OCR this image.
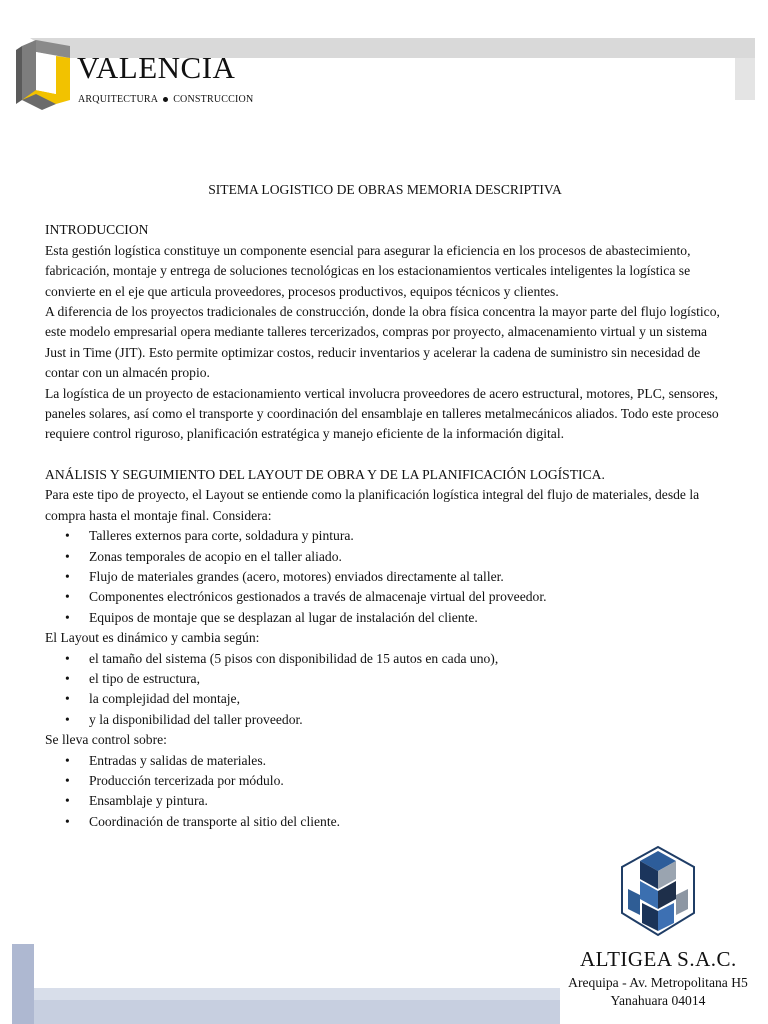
VALENCIA
ARQUITECTURA CONSTRUCCION

SITEMA LOGISTICO DE OBRAS MEMORIA DESCRIPTIVA

INTRODUCCION

Esta gestión logística constituye un componente esencial para asegurar la eficiencia en los procesos de abastecimiento, fabricación, montaje y entrega de soluciones tecnológicas en los estacionamientos verticales inteligentes la logística se convierte en el eje que articula proveedores, procesos productivos, equipos técnicos y clientes.

A diferencia de los proyectos tradicionales de construcción, donde la obra física concentra la mayor parte del flujo logístico, este modelo empresarial opera mediante talleres tercerizados, compras por proyecto, almacenamiento virtual y un sistema Just in Time (JIT). Esto permite optimizar costos, reducir inventarios y acelerar la cadena de suministro sin necesidad de contar con un almacén propio.

La logística de un proyecto de estacionamiento vertical involucra proveedores de acero estructural, motores, PLC, sensores, paneles solares, así como el transporte y coordinación del ensamblaje en talleres metalmecánicos aliados. Todo este proceso requiere control riguroso, planificación estratégica y manejo eficiente de la información digital.

ANÁLISIS Y SEGUIMIENTO DEL LAYOUT DE OBRA Y DE LA PLANIFICACIÓN LOGÍSTICA.

Para este tipo de proyecto, el Layout se entiende como la planificación logística integral del flujo de materiales, desde la compra hasta el montaje final. Considera:

• Talleres externos para corte, soldadura y pintura.
• Zonas temporales de acopio en el taller aliado.
• Flujo de materiales grandes (acero, motores) enviados directamente al taller.
• Componentes electrónicos gestionados a través de almacenaje virtual del proveedor.
• Equipos de montaje que se desplazan al lugar de instalación del cliente.

El Layout es dinámico y cambia según:

• el tamaño del sistema (5 pisos con disponibilidad de 15 autos en cada uno),
• el tipo de estructura,
• la complejidad del montaje,
• y la disponibilidad del taller proveedor.

Se lleva control sobre:

• Entradas y salidas de materiales.
• Producción tercerizada por módulo.
• Ensamblaje y pintura.
• Coordinación de transporte al sitio del cliente.
ALTIGEA S.A.C.
Arequipa - Av. Metropolitana H5
Yanahuara 04014
